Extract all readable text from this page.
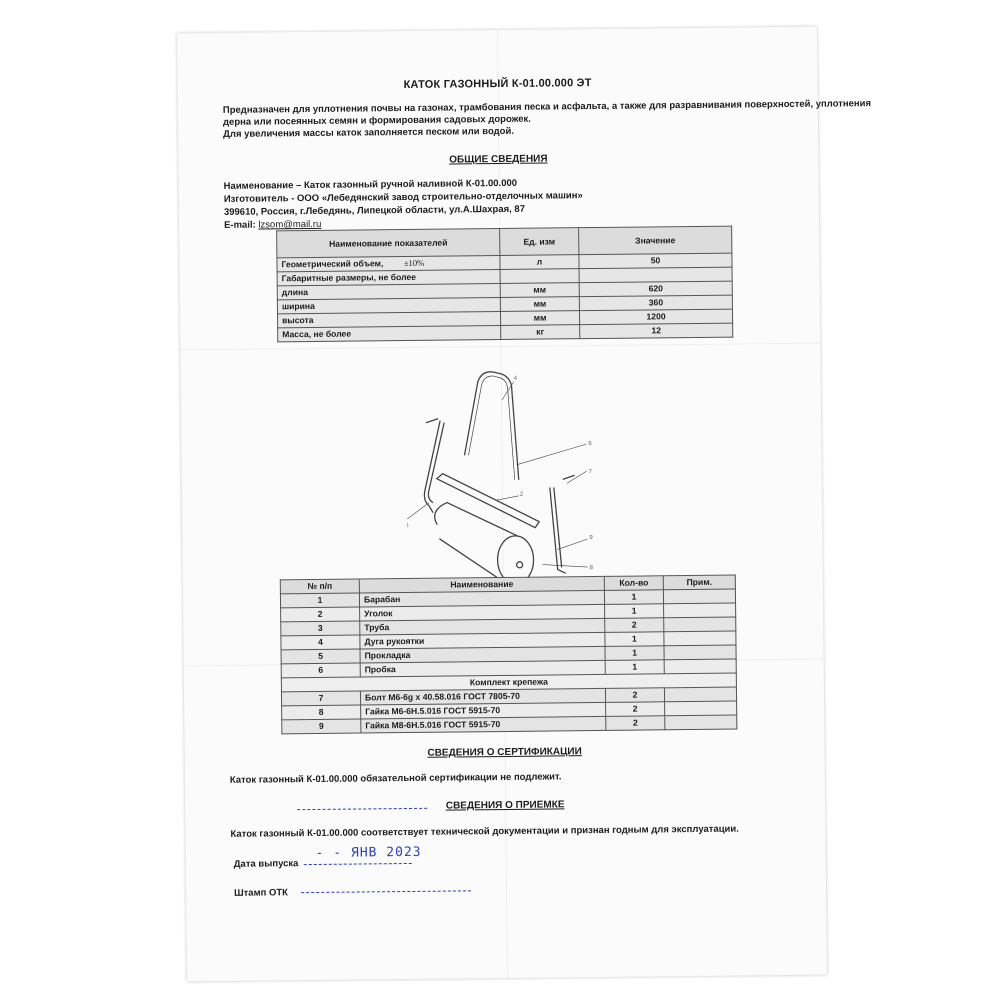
КАТОК ГАЗОННЫЙ К-01.00.000 ЭТ
Предназначен для уплотнения почвы на газонах, трамбования песка и асфальта, а также для разравнивания поверхностей, уплотнения
дерна или посеянных семян и формирования садовых дорожек.
Для увеличения массы каток заполняется песком или водой.
ОБЩИЕ СВЕДЕНИЯ
Наименование – Каток газонный ручной наливной К-01.00.000
Изготовитель - ООО «Лебедянский завод строительно-отделочных машин»
399610, Россия, г.Лебедянь, Липецкой области, ул.А.Шахрая, 87
E-mail: lzsom@mail.ru
Наименование показателей	Ед. изм	Значение
Геометрический объем, ±10%	л	50
Габаритные размеры, не более		
длина	мм	620
ширина	мм	360
высота	мм	1200
Масса, не более	кг	12
4
6
2
3
7
9
8
№ п/п	Наименование	Кол-во	Прим.
1	Барабан	1	
2	Уголок	1	
3	Труба	2	
4	Дуга рукоятки	1	
5	Прокладка	1	
6	Пробка	1	
Комплект крепежа			
7	Болт М6-6g x 40.58.016 ГОСТ 7805-70	2	
8	Гайка М6-6Н.5.016 ГОСТ 5915-70	2	
9	Гайка М8-6Н.5.016 ГОСТ 5915-70	2	
СВЕДЕНИЯ О СЕРТИФИКАЦИИ
Каток газонный К-01.00.000 обязательной сертификации не подлежит.
СВЕДЕНИЯ О ПРИЕМКЕ
Каток газонный К-01.00.000 соответствует технической документации и признан годным для эксплуатации.
Дата выпуска
- - ЯНВ 2023
Штамп ОТК
